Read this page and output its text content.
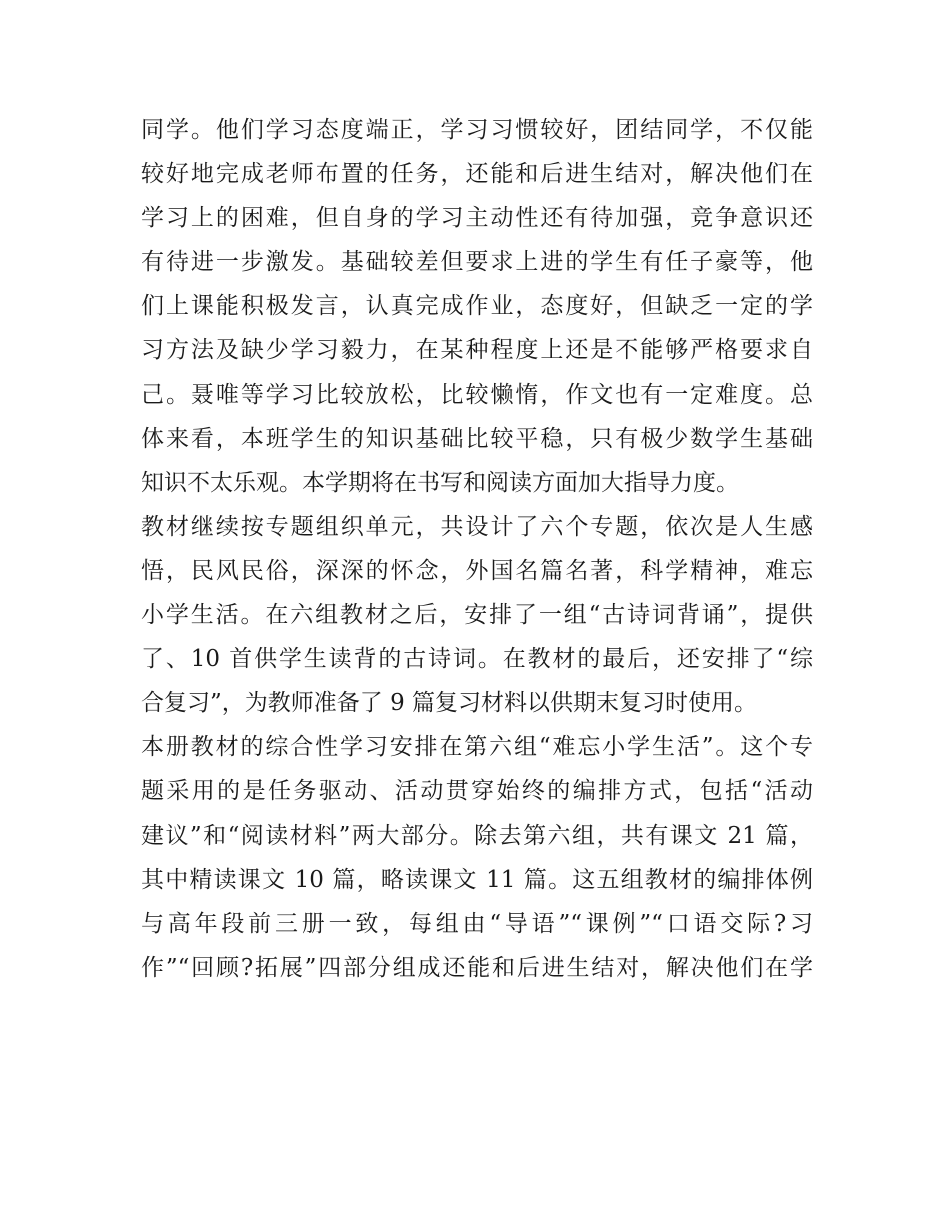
同学。他们学习态度端正，学习习惯较好，团结同学，不仅能
较好地完成老师布置的任务，还能和后进生结对，解决他们在
学习上的困难，但自身的学习主动性还有待加强，竞争意识还
有待进一步激发。基础较差但要求上进的学生有任子豪等，他
们上课能积极发言，认真完成作业，态度好，但缺乏一定的学
习方法及缺少学习毅力，在某种程度上还是不能够严格要求自
己。聂唯等学习比较放松，比较懒惰，作文也有一定难度。总
体来看，本班学生的知识基础比较平稳，只有极少数学生基础
知识不太乐观。本学期将在书写和阅读方面加大指导力度。
教材继续按专题组织单元，共设计了六个专题，依次是人生感
悟，民风民俗，深深的怀念，外国名篇名著，科学精神，难忘
小学生活。在六组教材之后，安排了一组“古诗词背诵”，提供
了、10 首供学生读背的古诗词。在教材的最后，还安排了“综
合复习”，为教师准备了 9 篇复习材料以供期末复习时使用。
本册教材的综合性学习安排在第六组“难忘小学生活”。这个专
题采用的是任务驱动、活动贯穿始终的编排方式，包括“活动
建议”和“阅读材料”两大部分。除去第六组，共有课文 21 篇，
其中精读课文 10 篇，略读课文 11 篇。这五组教材的编排体例
与高年段前三册一致，每组由“导语”“课例”“口语交际?习
作”“回顾?拓展”四部分组成还能和后进生结对，解决他们在学
